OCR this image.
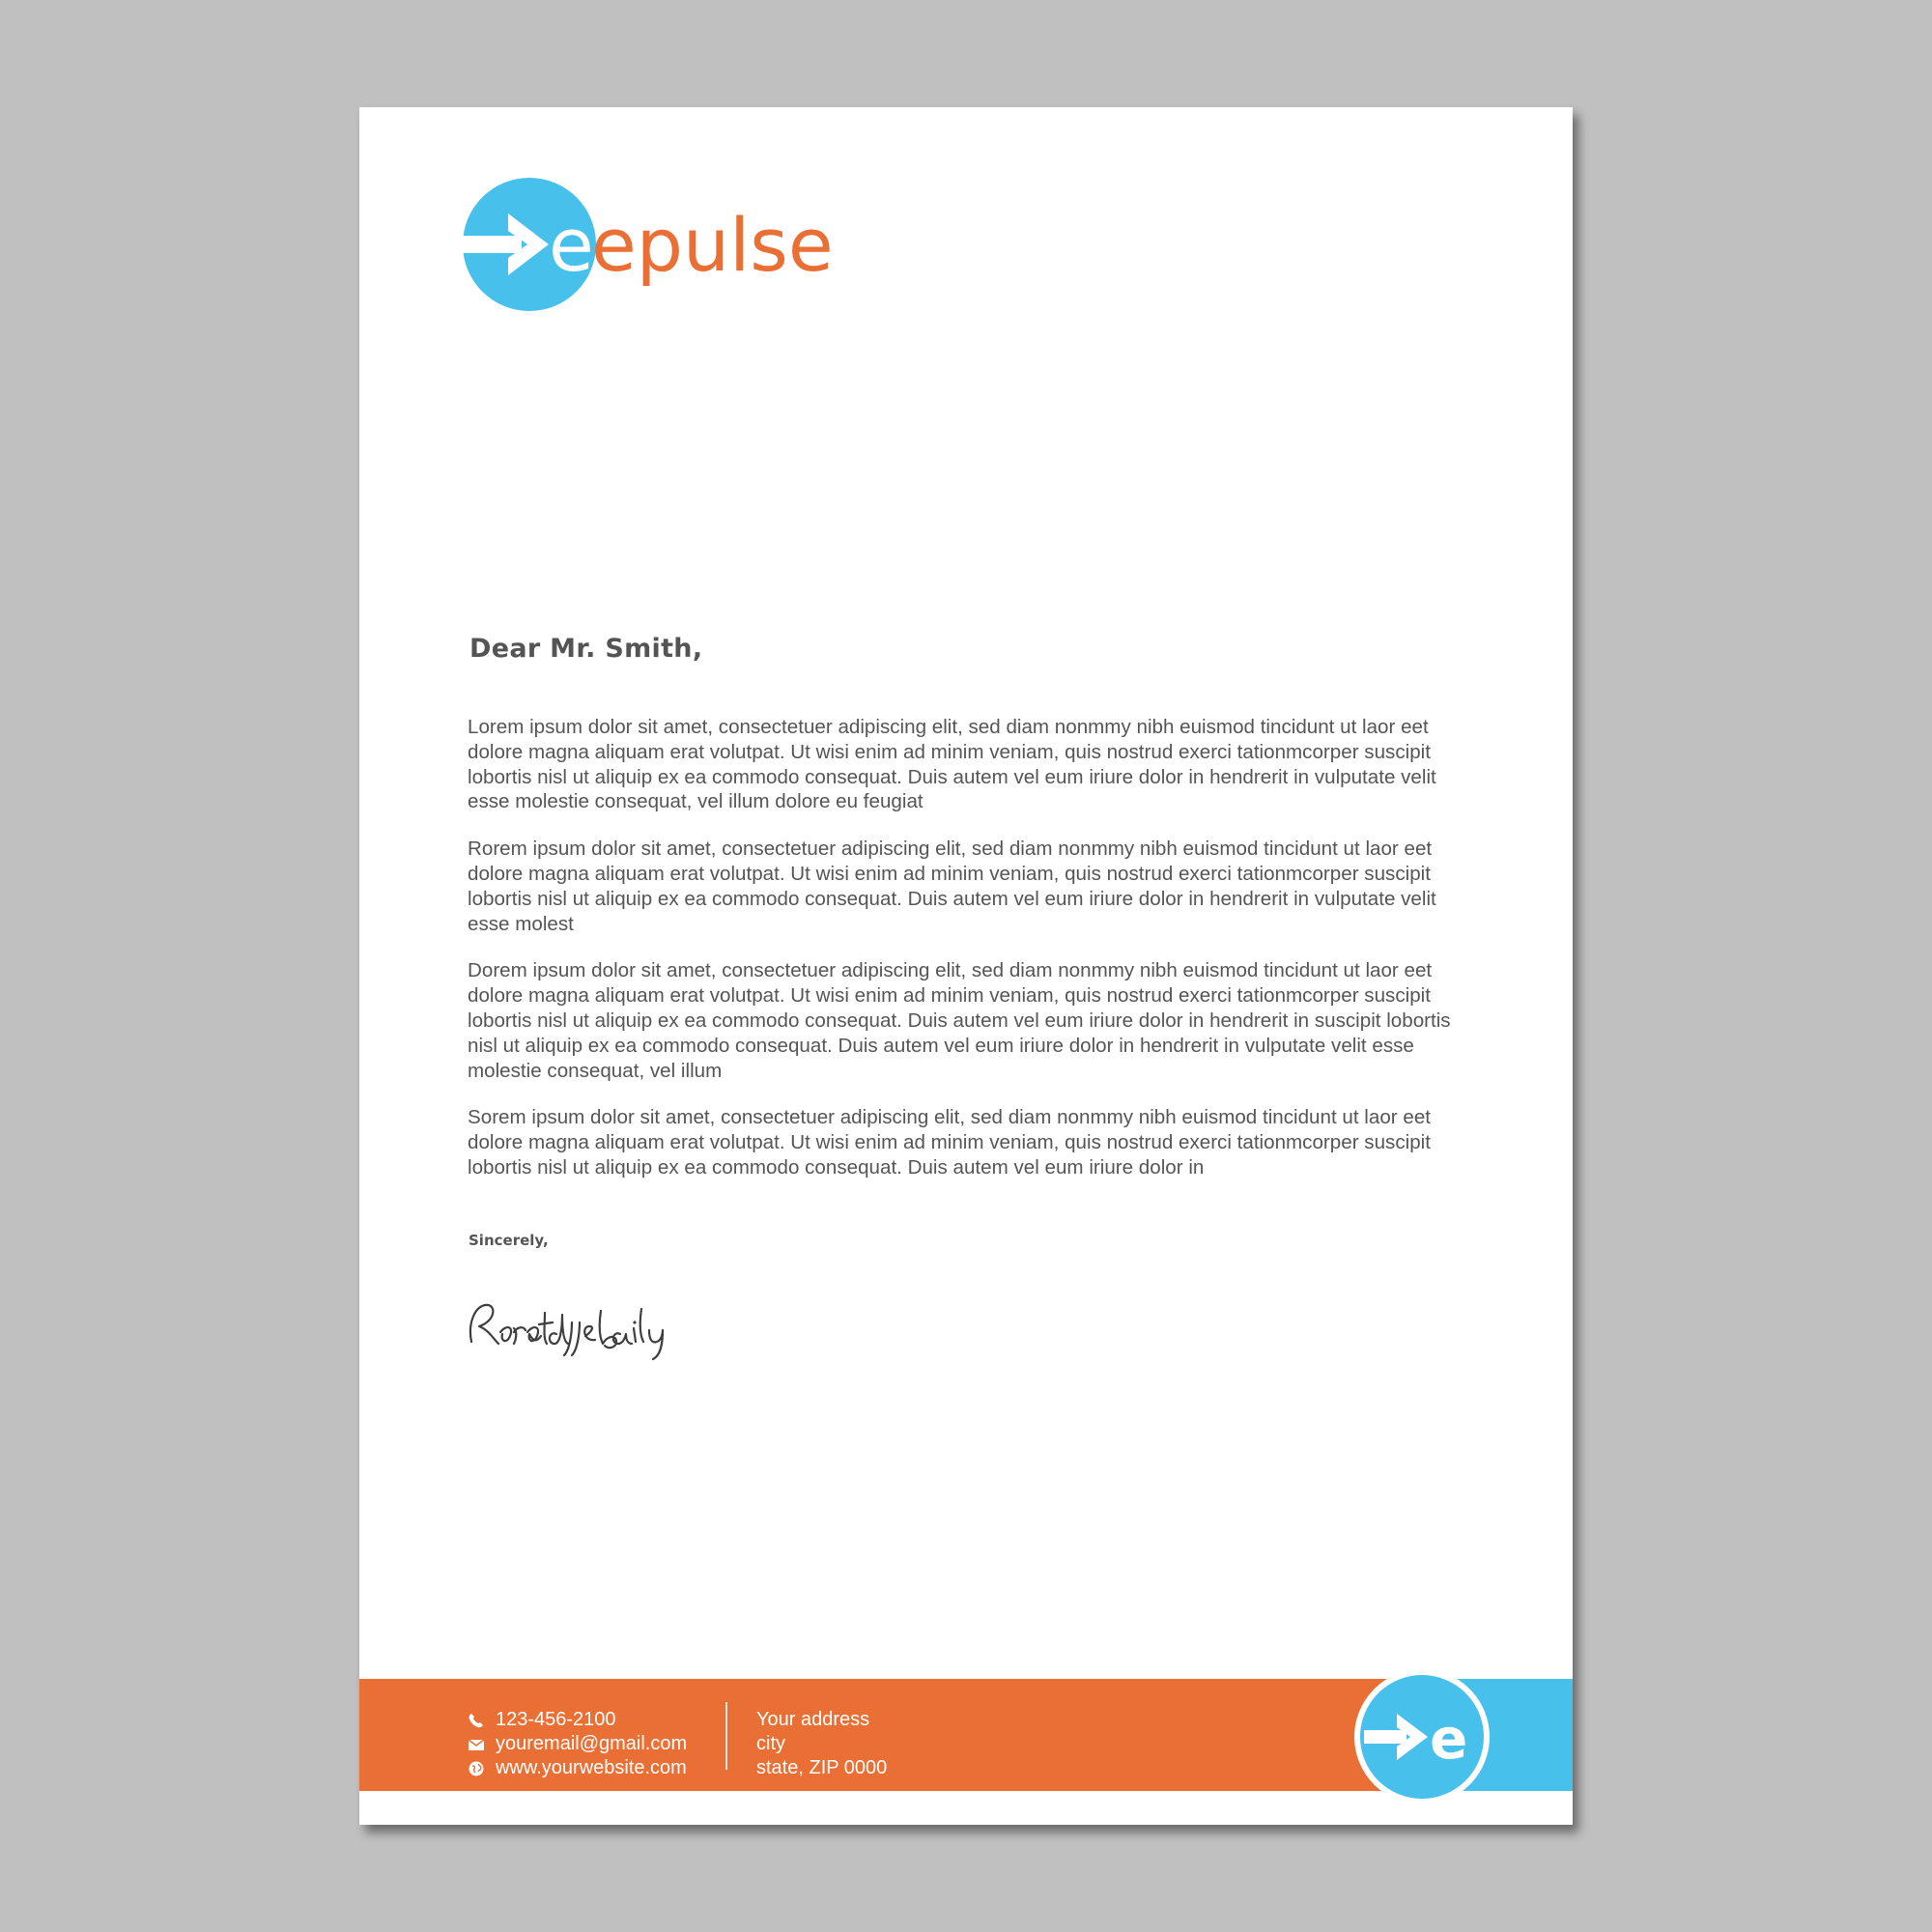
e
epulse
Dear Mr. Smith,

Lorem ipsum dolor sit amet, consectetuer adipiscing elit, sed diam nonmmy nibh euismod tincidunt ut laor eet dolore magna aliquam erat volutpat. Ut wisi enim ad minim veniam, quis nostrud exerci tationmcorper suscipit lobortis nisl ut aliquip ex ea commodo consequat. Duis autem vel eum iriure dolor in hendrerit in vulputate velit esse molestie consequat, vel illum dolore eu feugiat

Rorem ipsum dolor sit amet, consectetuer adipiscing elit, sed diam nonmmy nibh euismod tincidunt ut laor eet dolore magna aliquam erat volutpat. Ut wisi enim ad minim veniam, quis nostrud exerci tationmcorper suscipit lobortis nisl ut aliquip ex ea commodo consequat. Duis autem vel eum iriure dolor in hendrerit in vulputate velit esse molest

Dorem ipsum dolor sit amet, consectetuer adipiscing elit, sed diam nonmmy nibh euismod tincidunt ut laor eet dolore magna aliquam erat volutpat. Ut wisi enim ad minim veniam, quis nostrud exerci tationmcorper suscipit lobortis nisl ut aliquip ex ea commodo consequat. Duis autem vel eum iriure dolor in hendrerit in suscipit lobortis nisl ut aliquip ex ea commodo consequat. Duis autem vel eum iriure dolor in hendrerit in vulputate velit esse molestie consequat, vel illum

Sorem ipsum dolor sit amet, consectetuer adipiscing elit, sed diam nonmmy nibh euismod tincidunt ut laor eet dolore magna aliquam erat volutpat. Ut wisi enim ad minim veniam, quis nostrud exerci tationmcorper suscipit lobortis nisl ut aliquip ex ea commodo consequat. Duis autem vel eum iriure dolor in

Sincerely,
e
123-456-2100
youremail@gmail.com
www.yourwebsite.com
Your address
city
state, ZIP 0000
